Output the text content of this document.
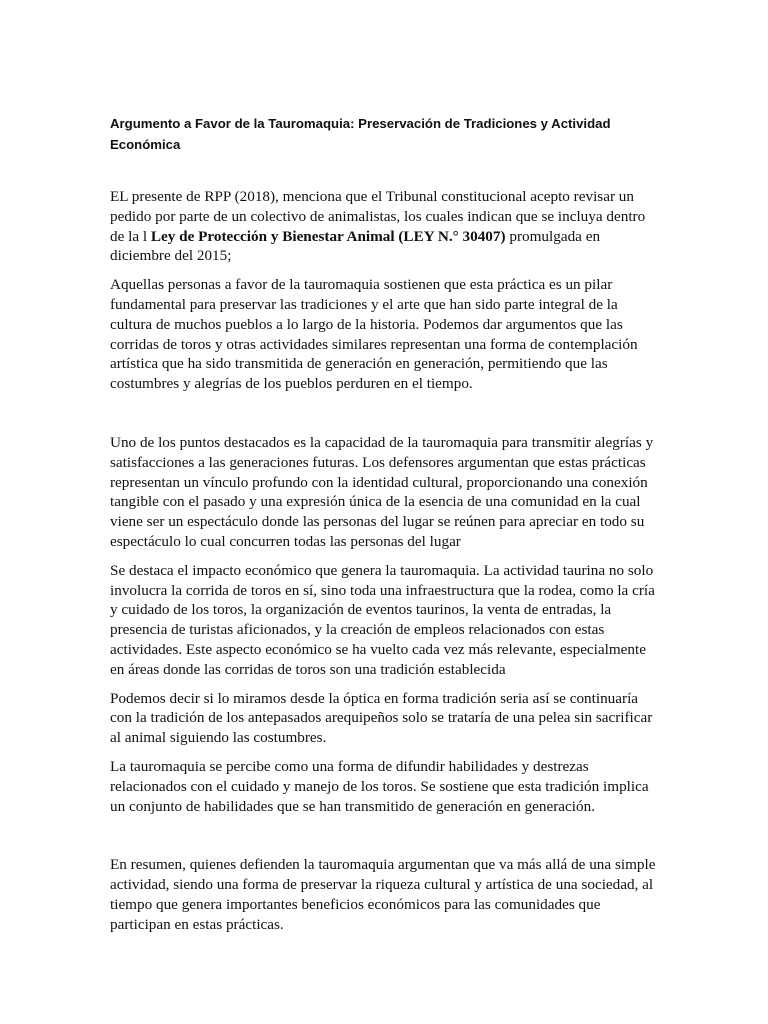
Argumento a Favor de la Tauromaquia: Preservación de Tradiciones y Actividad Económica

EL presente de RPP (2018), menciona que el Tribunal constitucional acepto revisar un pedido por parte de un colectivo de animalistas, los cuales indican que se incluya dentro de la l Ley de Protección y Bienestar Animal (LEY N.° 30407) promulgada en diciembre del 2015;

Aquellas personas a favor de la tauromaquia sostienen que esta práctica es un pilar fundamental para preservar las tradiciones y el arte que han sido parte integral de la cultura de muchos pueblos a lo largo de la historia. Podemos dar argumentos que las corridas de toros y otras actividades similares representan una forma de contemplación artística que ha sido transmitida de generación en generación, permitiendo que las costumbres y alegrías de los pueblos perduren en el tiempo.

Uno de los puntos destacados es la capacidad de la tauromaquia para transmitir alegrías y satisfacciones a las generaciones futuras. Los defensores argumentan que estas prácticas representan un vínculo profundo con la identidad cultural, proporcionando una conexión tangible con el pasado y una expresión única de la esencia de una comunidad en la cual viene ser un espectáculo donde las personas del lugar se reúnen para apreciar en todo su espectáculo lo cual concurren todas las personas del lugar

Se destaca el impacto económico que genera la tauromaquia. La actividad taurina no solo involucra la corrida de toros en sí, sino toda una infraestructura que la rodea, como la cría y cuidado de los toros, la organización de eventos taurinos, la venta de entradas, la presencia de turistas aficionados, y la creación de empleos relacionados con estas actividades. Este aspecto económico se ha vuelto cada vez más relevante, especialmente en áreas donde las corridas de toros son una tradición establecida

Podemos decir si lo miramos desde la óptica en forma tradición seria así se continuaría con la tradición de los antepasados arequipeños solo se trataría de una pelea sin sacrificar al animal siguiendo las costumbres.

La tauromaquia se percibe como una forma de difundir habilidades y destrezas relacionados con el cuidado y manejo de los toros. Se sostiene que esta tradición implica un conjunto de habilidades que se han transmitido de generación en generación.

En resumen, quienes defienden la tauromaquia argumentan que va más allá de una simple actividad, siendo una forma de preservar la riqueza cultural y artística de una sociedad, al tiempo que genera importantes beneficios económicos para las comunidades que participan en estas prácticas.
